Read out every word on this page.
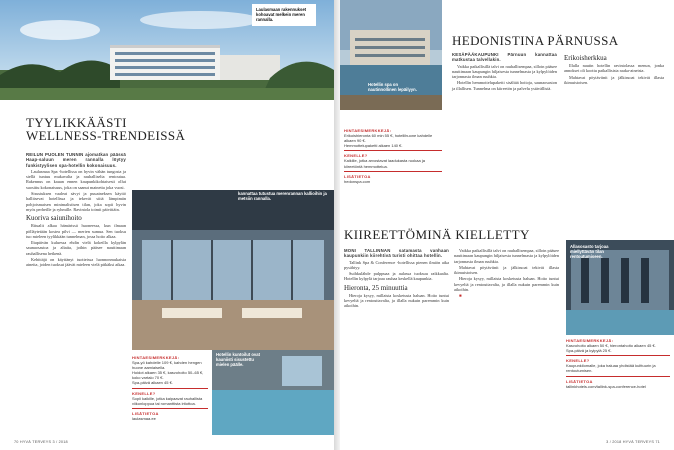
Laulasmaan rakennukset kohoavat melkein meren rannalla.
TYYLIKKÄÄSTI
WELLNESS-TRENDEISSÄ

REILUN PUOLEN TUNNIN ajomatkan päässä Haap-saluun meren rannalla löytyy funkistyylisen spa-hotellin kokonaisuus.

Laulasmaa Spa -hotellissa on hyvin vähän tungosta ja siellä tuntuu mukavalta ja rauhalliselta rentoutua. Rakennus on kauan ennen kaupunkikohtaisesti ollut suosittu kokonaisuus, joka on saanut mainetta joka vuosi.

Sisustuksen vaaleat sävyt ja puuaineksen käyttö hallitsevat hotellissa ja tekevät siitä lämpimän pohjoismaisen minimalistisen tilan, joka sopii hyvin myös perheille ja ryhmille. Ravintola toimii päivittäin.

Kuoriva saiunihoito

Ritualit alkaa hämärissä huoneessa, kun ilmaan pölläytetään kostea pilvi — merien sumua. Sen tuoksu tuo mieleen tyylikkään tunnelman, jossa hoito alkaa.

Iltapäivän kuluessa ehdin vielä kokeilla kylpylän saunaosastoa ja altaita, joihin pääsee nauttimaan rauhallisena hetkenä.

Kehittäjä on käyttänyt tuotteissa luonnonmukaisia aineita, joiden tuoksut jäävät mieleen vielä pitkäksi aikaa.

Askeltäin suoritu Laulasmaan ollessasi kannattaa tutustua merenrannan kallioihin ja metsiin rannalla.
Hotellin kuntoilut ovat kauniisti sisustettu mielen päälle.
HINTAESIMERKKEJÄ:
Spa-yö kahdelle 109 €, kahden hengen huone aamiaisella.
Hoidot alkaen 35 €, kasvohoito 50–65 €, koko vartalo 70 €.
Spa-päivä alkaen 45 €.
KENELLE?
Sopii kaikille, jotka kaipaavat rauhallista viikonloppua tai romanttista irtiottoa.
LISÄTIETOA
laulasmaa.ee
70 HYVÄ TERVEYS 3 / 2018
Hotellin spa on nautinnollinen lepäilyyn.
HEDONISTINA PÄRNUSSA

KESÄPÄÄKAUPUNKI Pärnuun kannattaa matkustaa talvellakin.

Vaikka paikallisillä talvi on rauhallisempaa, silloin pääsee nauttimaan kaupungin hiljaisesta tunnelmasta ja kylpylöiden tarjonnasta ilman ruuhkia.

Hotellin hemmottelupaketti sisältää hoitoja, saunaosaston ja illallisen. Tunnelma on kiireetön ja palvelu ystävällistä.

Erikoisherkkua

Illalla nautin hotellin ravintolassa menun, jonka annokset oli koottu paikallisista raaka-aineista.

Mahtavat pöytäviinit ja jälkiruoat tekivät illasta ikimuistoisen.

HINTAESIMERKKEJÄ:
Erikoishieronta 60 min 55 €, hotellihuone kahdelle alkaen 90 €.
Hemmottelupaketti alkaen 140 €.
KENELLE?
Kaikille, jotka arvostavat laadukasta ruokaa ja kiireetöntä hemmottelua.
LISÄTIETOA
hedonspa.com
KIIREETTÖMINÄ KIELLETTY

MONI TALLINNAN satamasta vanhaan kaupunkiin kiirehtivä turisti ohittaa hotellin.

Tallink Spa & Conference -hotellissa pienen ilmiön aika pysähtyy.

Suihkulähde pulppuaa ja aulassa tuoksuu raikkaalta. Hotellin kylpylä tarjoaa rauhaa keskellä kaupunkia.

Hieronta, 25 minuuttia

Hieroja kysyy, millaista kosketusta haluan. Hoito tuntui kevyeltä ja rentouttavalta, ja illalla nukuin paremmin kuin aikoihin.

Vaikka paikallisillä talvi on rauhallisempaa, silloin pääsee nauttimaan kaupungin hiljaisesta tunnelmasta ja kylpylöiden tarjonnasta ilman ruuhkia.

Mahtavat pöytäviinit ja jälkiruoat tekivät illasta ikimuistoisen.

Hieroja kysyy, millaista kosketusta haluan. Hoito tuntui kevyeltä ja rentouttavalta, ja illalla nukuin paremmin kuin aikoihin.

■

Allasosasto tarjoaa miellyttävän tilan rentoutumiseen.
HINTAESIMERKKEJÄ:
Kasvohoito alkaen 50 €, hierontahoito alkaen 45 €.
Spa-päivä ja kylpylä 25 €.
KENELLE?
Kaupunkilomalle, joka haluaa yhdistää kulttuurin ja rentoutumisen.
LISÄTIETOA
tallinkhotels.com/tallink-spa-conference-hotel
3 / 2018 HYVÄ TERVEYS 71
